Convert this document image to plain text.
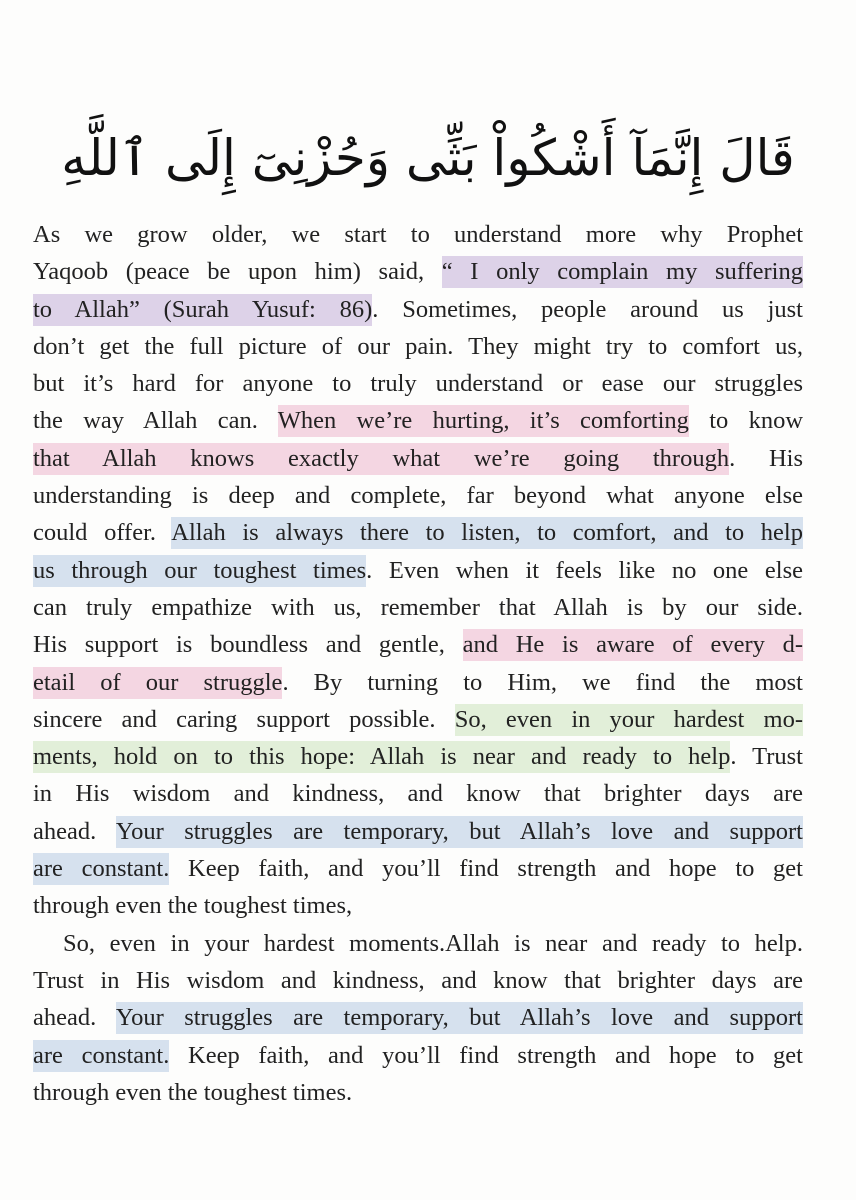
قَالَ إِنَّمَآ أَشْكُواْ بَثِّى وَحُزْنِىٓ إِلَى ٱللَّهِ
As we grow older, we start to understand more why Prophet
Yaqoob (peace be upon him) said, “ I only complain my suffering
to Allah” (Surah Yusuf: 86). Sometimes, people around us just
don’t get the full picture of our pain. They might try to comfort us,
but it’s hard for anyone to truly understand or ease our struggles
the way Allah can. When we’re hurting, it’s comforting to know
that Allah knows exactly what we’re going through. His
understanding is deep and complete, far beyond what anyone else
could offer. Allah is always there to listen, to comfort, and to help
us through our toughest times. Even when it feels like no one else
can truly empathize with us, remember that Allah is by our side.
His support is boundless and gentle, and He is aware of every d-
etail of our struggle. By turning to Him, we find the most
sincere and caring support possible. So, even in your hardest mo-
ments, hold on to this hope: Allah is near and ready to help. Trust
in His wisdom and kindness, and know that brighter days are
ahead. Your struggles are temporary, but Allah’s love and support
are constant. Keep faith, and you’ll find strength and hope to get
through even the toughest times,
So, even in your hardest moments.Allah is near and ready to help.
Trust in His wisdom and kindness, and know that brighter days are
ahead. Your struggles are temporary, but Allah’s love and support
are constant. Keep faith, and you’ll find strength and hope to get
through even the toughest times.
